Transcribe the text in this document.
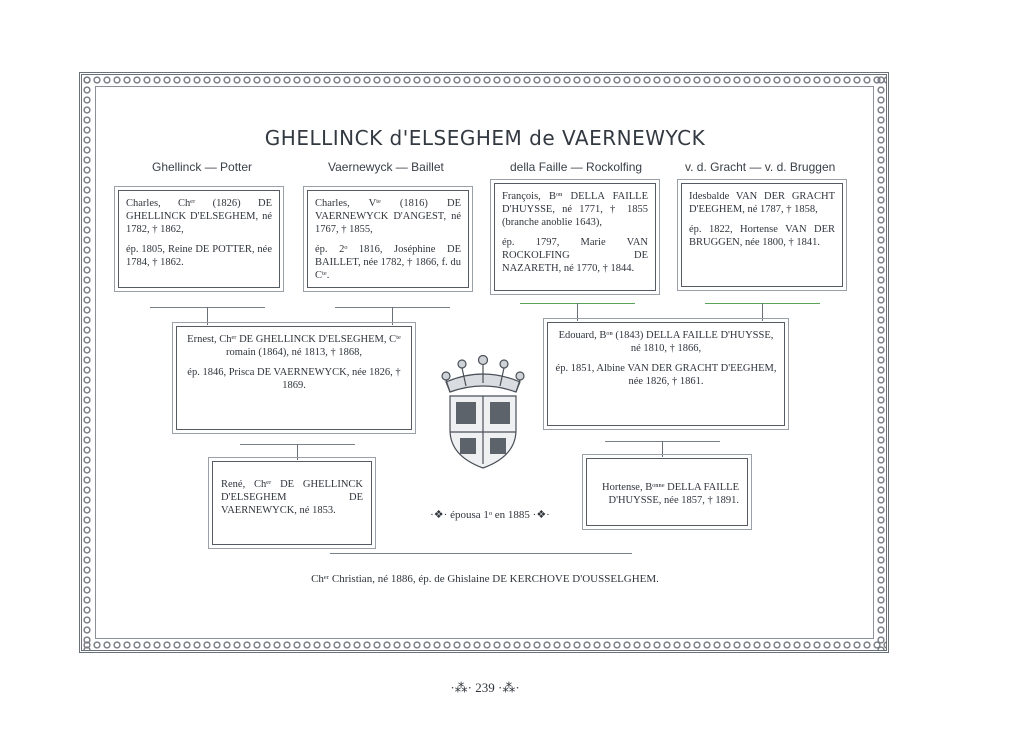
GHELLINCK d'ELSEGHEM de VAERNEWYCK
Ghellinck — Potter	Vaernewyck — Baillet	della Faille — Rockolfing	v. d. Gracht — v. d. Bruggen

Charles, Chᵉʳ (1826) DE GHELLINCK D'ELSEGHEM, né 1782, † 1862,

ép. 1805, Reine DE POTTER, née 1784, † 1862.

Charles, Vᵗᵉ (1816) DE VAERNEWYCK D'ANGEST, né 1767, † 1855,

ép. 2ᵒ 1816, Joséphine DE BAILLET, née 1782, † 1866, f. du Cᵗᵉ.

François, Bᵒⁿ DELLA FAILLE D'HUYSSE, né 1771, † 1855 (branche anoblie 1643),

ép. 1797, Marie VAN ROCKOLFING DE NAZARETH, né 1770, † 1844.

Idesbalde VAN DER GRACHT D'EEGHEM, né 1787, † 1858,

ép. 1822, Hortense VAN DER BRUGGEN, née 1800, † 1841.

Ernest, Chᵉʳ DE GHELLINCK D'ELSEGHEM, Cᵗᵉ romain (1864), né 1813, † 1868,

ép. 1846, Prisca DE VAERNEWYCK, née 1826, † 1869.

Edouard, Bᵒⁿ (1843) DELLA FAILLE D'HUYSSE, né 1810, † 1866,

ép. 1851, Albine VAN DER GRACHT D'EEGHEM, née 1826, † 1861.

René, Chᵉʳ DE GHELLINCK D'ELSEGHEM DE VAERNEWYCK, né 1853.

Hortense, Bᵒⁿⁿᵉ DELLA FAILLE D'HUYSSE, née 1857, † 1891.

·❖· épousa 1ᵒ en 1885 ·❖·
Chᵉʳ Christian, né 1886, ép. de Ghislaine DE KERCHOVE D'OUSSELGHEM.
·⁂· 239 ·⁂·
